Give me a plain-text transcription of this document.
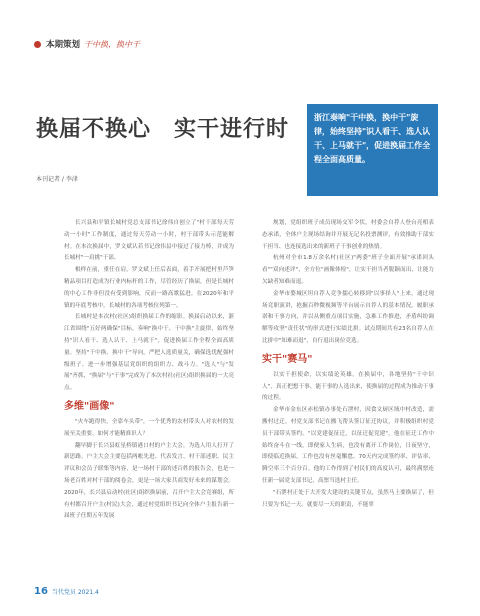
本期策划 干中换，换中干
换届不换心　实干进行时
本刊记者 / 李津

浙江奏响"干中换，换中干"旋律，始终坚持"识人看干、选人认干、上马就干"，促进换届工作全程全面高质量。

长兴县和平镇长城村党总支部书记徐伟自创立了"村干部每天劳动一小时"工作制度，通过每天劳动一小时，村干部带头示范能解村。在本次换届中，罗文斌认若书记徐伟县中接过了接力棒，并成为长城村"一肩挑"干部。

根样在前，重任在肩，罗文斌上任后表面，着手开展把村里芦笋精品项目打造成为行业内标杆的工作，尽管经历了换届，但是长城村的中心工作非但没有受到影响，反而一路高歌猛进。在2020年和平镇的年底考核中，长城村的各项考核位列第一。

长城村是本次村(社区)组织换届工作的缩影。换届启动以来，浙江省围绕"五好两确保"目标，奏响"换中干、干中换"主旋律，始终坚持"识人看干、选人认干、上马就干"，促进换届工作全程全面高质量。坚持"干中换、换中干"导向，严把人选质量关，确保选优配强村级班子，进一步增强基层党组织的组织力、战斗力。"选人"与"发展"齐抓，"换届"与"干事"完成为了本次村社(社区)组织换届的一大亮点。

多维"画像"

"火车跑得快，全靠车头带"，一个优秀的农村带头人对农村的发展至关重要。如何才能精准识人？

翻早脚于长兴县虹星桥镇港口村的户主大会，为选人用人打开了新思路。户主大会主要包括两帐先进、代表发言、村干部述职、民主评议和会员子联集等内容，是一场村干部的述百姓的报告会，也是一场老百姓对村干部的阅卷会，更是一场大家共商发好未来的谋划会。2020年，长兴县启动村(社区)组织换届前，召开户主大会竞赛组，所有村都召开户主(村民)大会，通过村党组织书记向全体户主报告新一届班子任期五年发展

规划，党组织班子成员现场交军令状，村委会自荐人登台亮相表态承诺，全体户主现场结询并开展无记名投票测评，有效推助干部实干担当、也连接选出来的新班子干事创业的热情。

杭州对全市1.8万余名村(社区)"两委"班子全面开展"承诺回头看""双向述评"，全方位"画像体检"，让实干担当者脱颖而出，让能力欠缺者知难而退。

金华市婺城区坦自荐人竞争擂心转移到"以事择人"上来，通过现场竞职演讲，抢掘百秒微视频等平台展示自荐人的基本情况，履职承诺和干事方向，并以从侧重点项目实施，急难工作推进，矛盾纠纷调解等攻坚"责任状"的形式进行实绩比拼。试点期间共有23名自荐人在比拼中"知难而退"，自行退出岗位竞选。

实干"赛马"

以实干担使命，以实绩论英雄。在换届中，各地坚持"干中识人"，真正把想干事、能干事的人选出来，使换届的过程成为推动干事的过程。

金华市金东区赤松镇办事处石泄村，因食文厨区域中村改造，需搬村过迁。村党支部书记在搬飞帮头签订征迁协议，并积极组织村党员干部带头签约。"以党建促征迁，以征迁促党建"，他在征迁工作中始终奋斗在一线，即便家人生病，也没有离开工作岗位，日夜坚守，即使临近换届，工作也没有丝毫懈怠。70天内完成签约率、评估率、腾空率三个百分百。他的工作得到了村民们的高度认可，最终满票连任新一届党支部书记，高票当选村主任。

"石泄村正处于大开发大建设的关键节点，虽然马上要换届了，但只要为书记一天，就要尽一天的职责，不能辜

16 当代党员 2021.4
